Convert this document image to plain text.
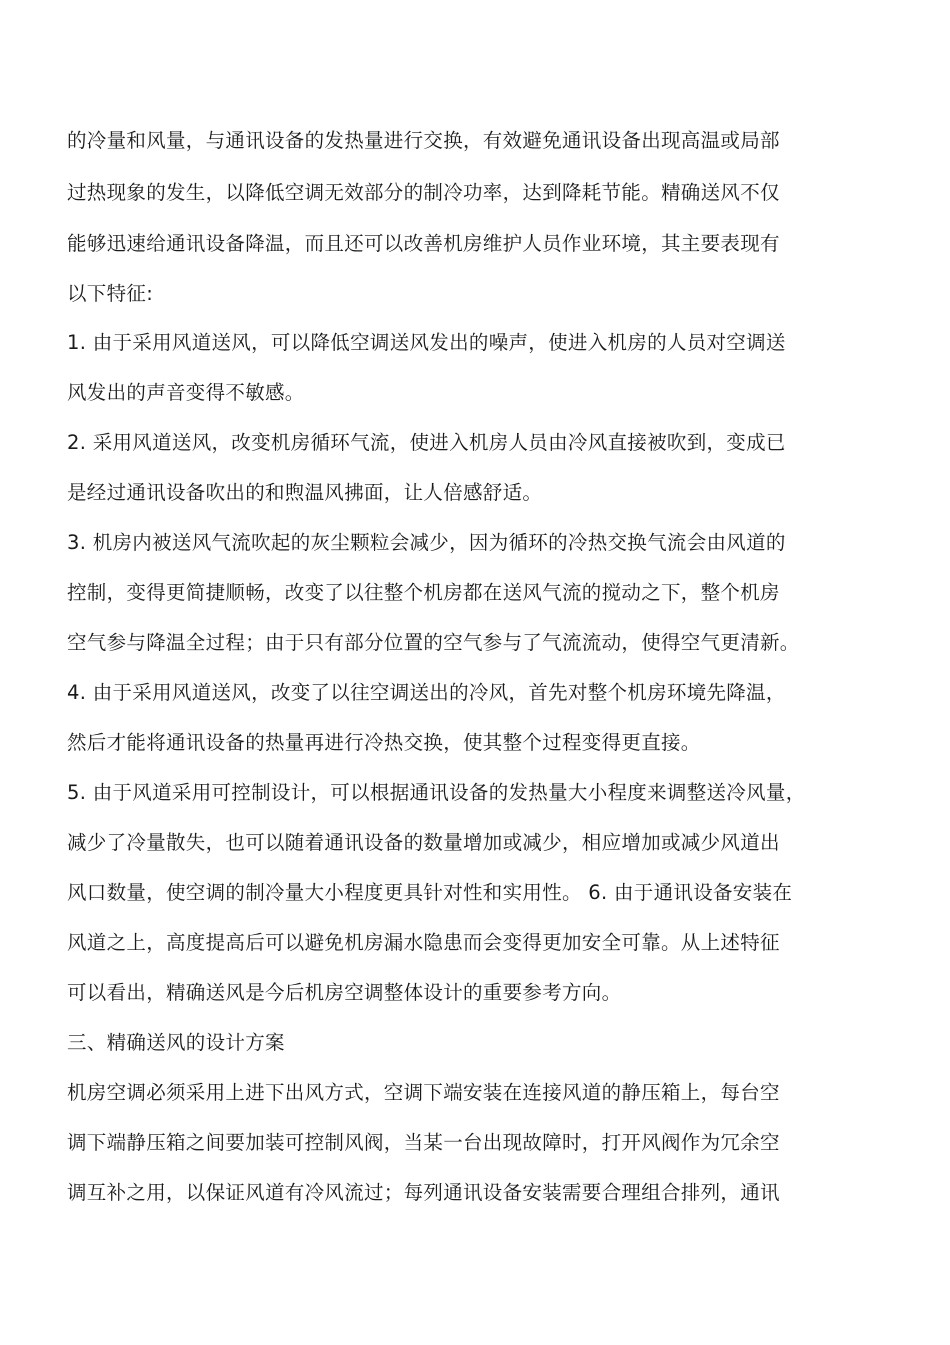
的冷量和风量，与通讯设备的发热量进行交换，有效避免通讯设备出现高温或局部
过热现象的发生，以降低空调无效部分的制冷功率，达到降耗节能。精确送风不仅
能够迅速给通讯设备降温，而且还可以改善机房维护人员作业环境，其主要表现有
以下特征:
1. 由于采用风道送风，可以降低空调送风发出的噪声，使进入机房的人员对空调送
风发出的声音变得不敏感。
2. 采用风道送风，改变机房循环气流，使进入机房人员由冷风直接被吹到，变成已
是经过通讯设备吹出的和煦温风拂面，让人倍感舒适。
3. 机房内被送风气流吹起的灰尘颗粒会减少，因为循环的冷热交换气流会由风道的
控制，变得更简捷顺畅，改变了以往整个机房都在送风气流的搅动之下，整个机房
空气参与降温全过程；由于只有部分位置的空气参与了气流流动，使得空气更清新。
4. 由于采用风道送风，改变了以往空调送出的冷风，首先对整个机房环境先降温，
然后才能将通讯设备的热量再进行冷热交换，使其整个过程变得更直接。
5. 由于风道采用可控制设计，可以根据通讯设备的发热量大小程度来调整送冷风量，
减少了冷量散失，也可以随着通讯设备的数量增加或减少，相应增加或减少风道出
风口数量，使空调的制冷量大小程度更具针对性和实用性。 6. 由于通讯设备安装在
风道之上，高度提高后可以避免机房漏水隐患而会变得更加安全可靠。从上述特征
可以看出，精确送风是今后机房空调整体设计的重要参考方向。
三、精确送风的设计方案
机房空调必须采用上进下出风方式，空调下端安装在连接风道的静压箱上，每台空
调下端静压箱之间要加装可控制风阀，当某一台出现故障时，打开风阀作为冗余空
调互补之用，以保证风道有冷风流过；每列通讯设备安装需要合理组合排列，通讯
